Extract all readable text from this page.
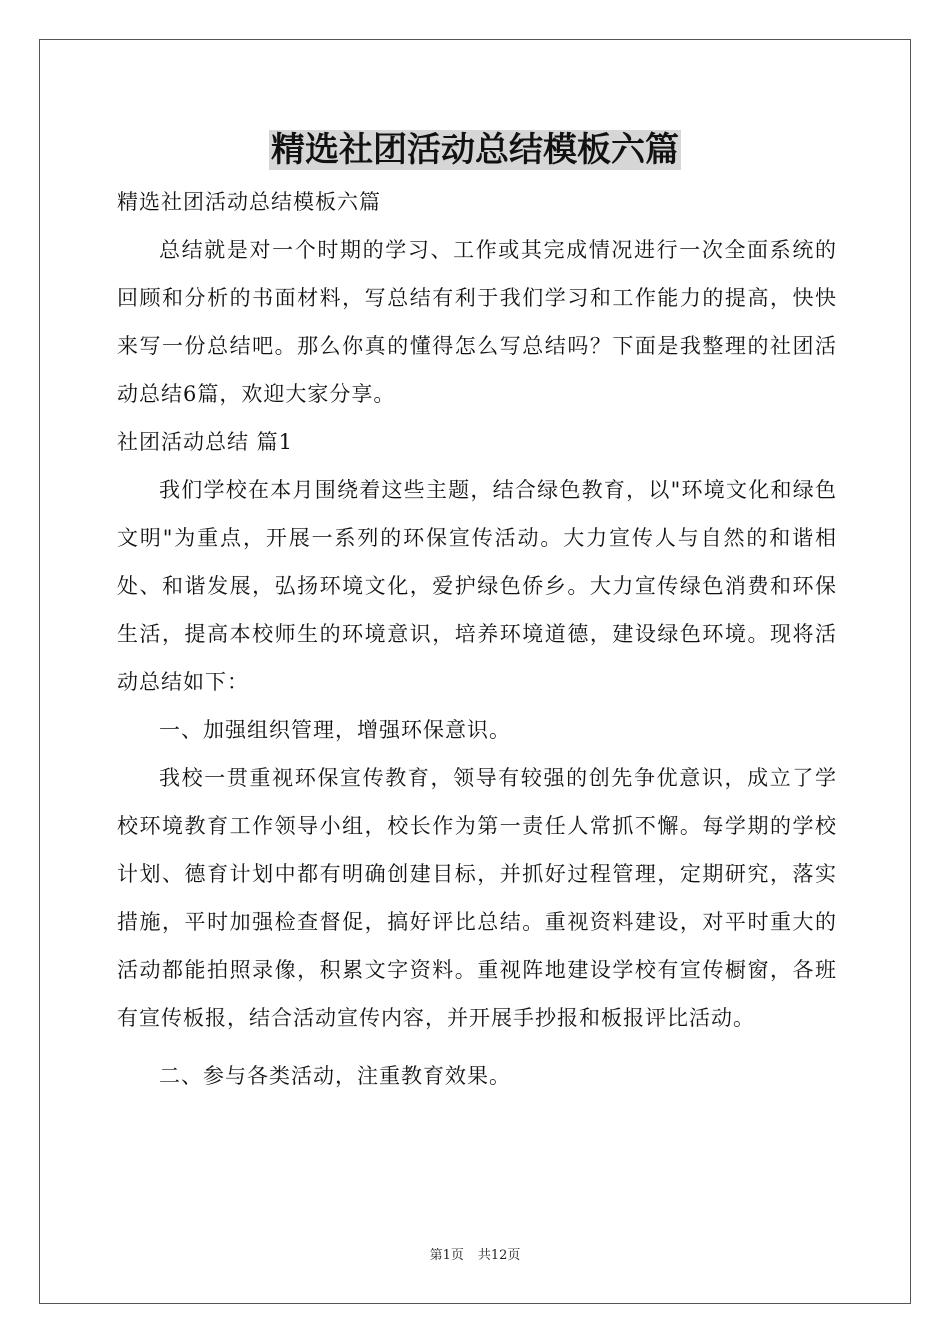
精选社团活动总结模板六篇

精选社团活动总结模板六篇

总结就是对一个时期的学习、工作或其完成情况进行一次全面系统的回顾和分析的书面材料，写总结有利于我们学习和工作能力的提高，快快来写一份总结吧。那么你真的懂得怎么写总结吗？下面是我整理的社团活动总结6篇，欢迎大家分享。

社团活动总结 篇1

我们学校在本月围绕着这些主题，结合绿色教育，以"环境文化和绿色文明"为重点，开展一系列的环保宣传活动。大力宣传人与自然的和谐相处、和谐发展，弘扬环境文化，爱护绿色侨乡。大力宣传绿色消费和环保生活，提高本校师生的环境意识，培养环境道德，建设绿色环境。现将活动总结如下：

一、加强组织管理，增强环保意识。

我校一贯重视环保宣传教育，领导有较强的创先争优意识，成立了学校环境教育工作领导小组，校长作为第一责任人常抓不懈。每学期的学校计划、德育计划中都有明确创建目标，并抓好过程管理，定期研究，落实措施，平时加强检查督促，搞好评比总结。重视资料建设，对平时重大的活动都能拍照录像，积累文字资料。重视阵地建设学校有宣传橱窗，各班有宣传板报，结合活动宣传内容，并开展手抄报和板报评比活动。

二、参与各类活动，注重教育效果。

第1页 共12页
